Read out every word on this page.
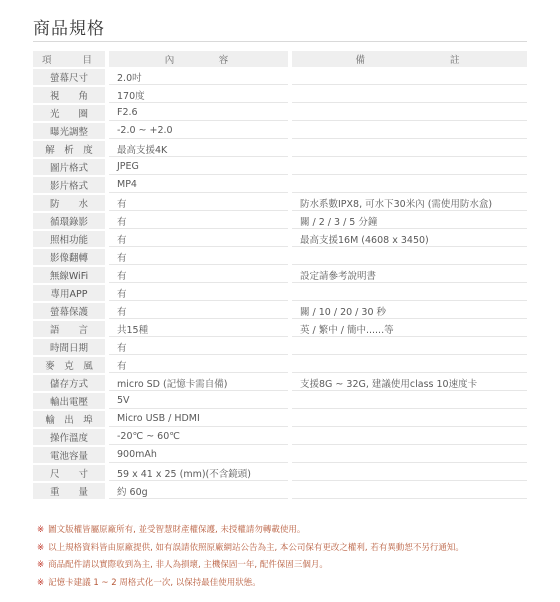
商品規格
項　　目		內　　　容		備　　　　　　註
螢幕尺寸		2.0吋		
視　　角		170度		
光　　圈		F2.6		
曝光調整		-2.0 ~ +2.0		
解　析　度		最高支援4K		
圖片格式		JPEG		
影片格式		MP4		
防　　水		有		防水系數IPX8, 可水下30米內 (需使用防水盒)
循環錄影		有		關 / 2 / 3 / 5 分鐘
照相功能		有		最高支援16M (4608 x 3450)
影像翻轉		有		
無線WiFi		有		設定請參考說明書
專用APP		有		
螢幕保護		有		關 / 10 / 20 / 30 秒
語　　言		共15種		英 / 繁中 / 簡中......等
時間日期		有		
麥　克　風		有		
儲存方式		micro SD (記憶卡需自備)		支援8G ~ 32G, 建議使用class 10速度卡
輸出電壓		5V		
輸　出　埠		Micro USB / HDMI		
操作溫度		-20℃ ~ 60℃		
電池容量		900mAh		
尺　　寸		59 x 41 x 25 (mm)(不含鏡頭)		
重　　量		約 60g		
※ 圖文版權皆屬原廠所有, 並受智慧財產權保護, 未授權請勿轉載使用。
※ 以上規格資料皆由原廠提供, 如有誤請依照原廠網站公告為主, 本公司保有更改之權利, 若有異動恕不另行通知。
※ 商品配件請以實際收到為主, 非人為損壞, 主機保固一年, 配件保固三個月。
※ 記憶卡建議 1 ~ 2 周格式化一次, 以保持最佳使用狀態。
